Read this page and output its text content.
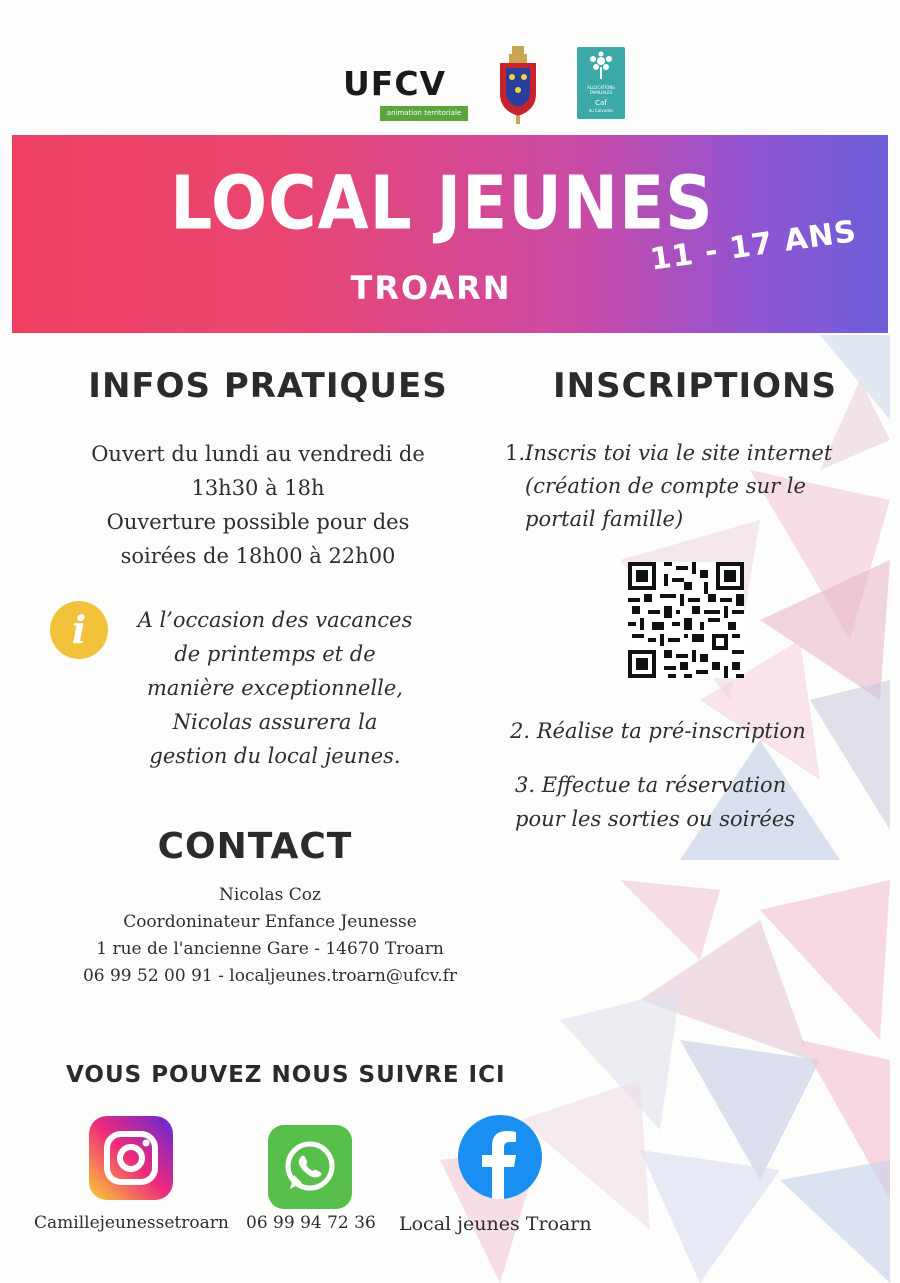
UFCV
animation territoriale
ALLOCATIONS FAMILIALES
Caf
du Calvados
LOCAL JEUNES
TROARN
11 - 17 ANS
INFOS PRATIQUES
Ouvert du lundi au vendredi de
13h30 à 18h
Ouverture possible pour des
soirées de 18h00 à 22h00
i	A l’occasion des vacances
de printemps et de
manière exceptionnelle,
Nicolas assurera la
gestion du local jeunes.
INSCRIPTIONS
1.Inscris toi via le site internet
(création de compte sur le
portail famille)
2. Réalise ta pré-inscription
3. Effectue ta réservation
pour les sorties ou soirées
CONTACT
Nicolas Coz
Coordoninateur Enfance Jeunesse
1 rue de l'ancienne Gare - 14670 Troarn
06 99 52 00 91 - localjeunes.troarn@ufcv.fr
VOUS POUVEZ NOUS SUIVRE ICI
Camillejeunessetroarn 06 99 94 72 36 Local jeunes Troarn
